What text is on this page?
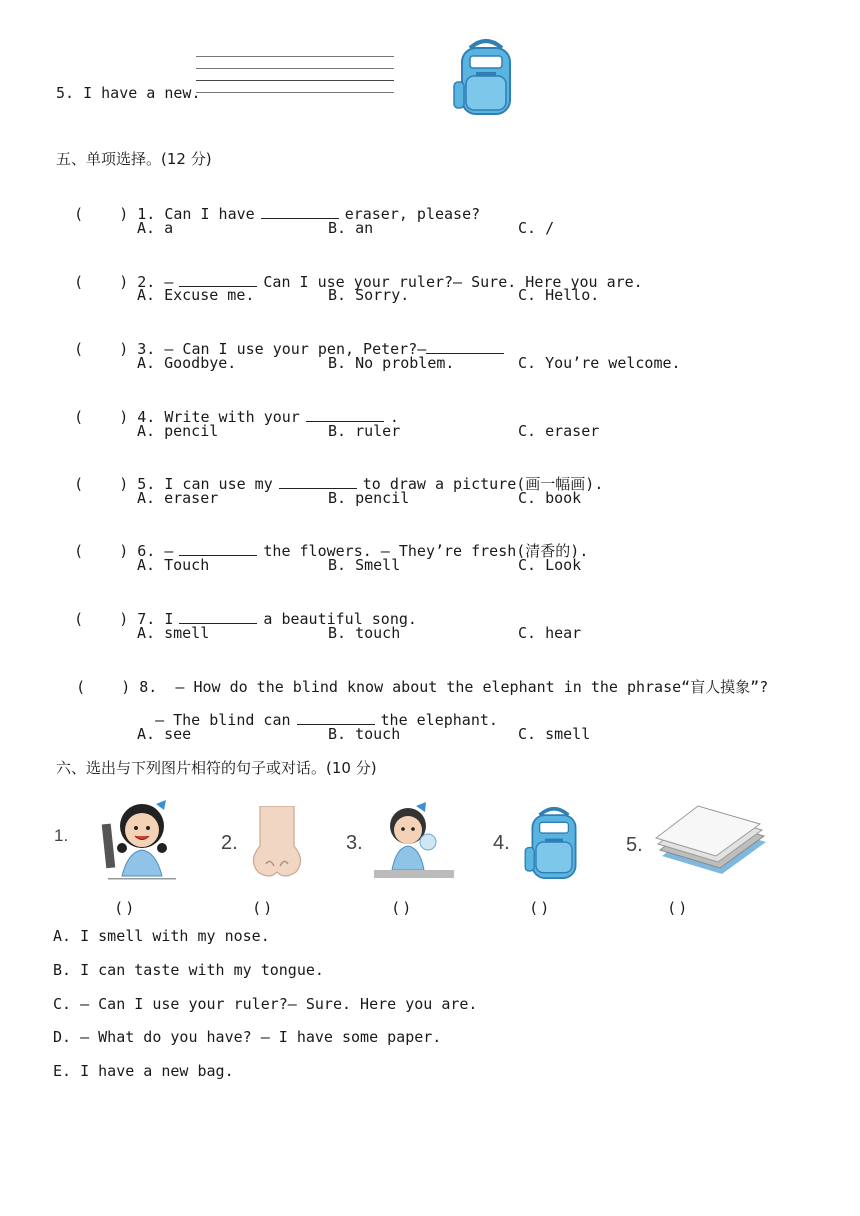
5. I have a new.
五、单项选择。(12 分)

(    ) 1. Can I have	eraser, please?

A. a	B. an	C. /

(    ) 2. —	Can I use your ruler?— Sure. Here you are.

A. Excuse me.	B. Sorry.	C. Hello.

(    ) 3. — Can I use your pen, Peter?—

A. Goodbye.	B. No problem.	C. You’re welcome.

(    ) 4. Write with your	.

A. pencil	B. ruler	C. eraser

(    ) 5. I can use my	to draw a picture(画一幅画).

A. eraser	B. pencil	C. book

(    ) 6. —	the flowers. — They’re fresh(清香的).

A. Touch	B. Smell	C. Look

(    ) 7. I	a beautiful song.

A. smell	B. touch	C. hear

(    ) 8. — How do the blind know about the elephant in the phrase“盲人摸象”?

— The blind can	the elephant.

A. see	B. touch	C. smell
六、选出与下列图片相符的句子或对话。(10 分)
1.	2.	3.	4.	5.
( )	( )	( )	( )	( )
A. I smell with my nose.
B. I can taste with my tongue.
C. — Can I use your ruler?— Sure. Here you are.
D. — What do you have? — I have some paper.
E. I have a new bag.
